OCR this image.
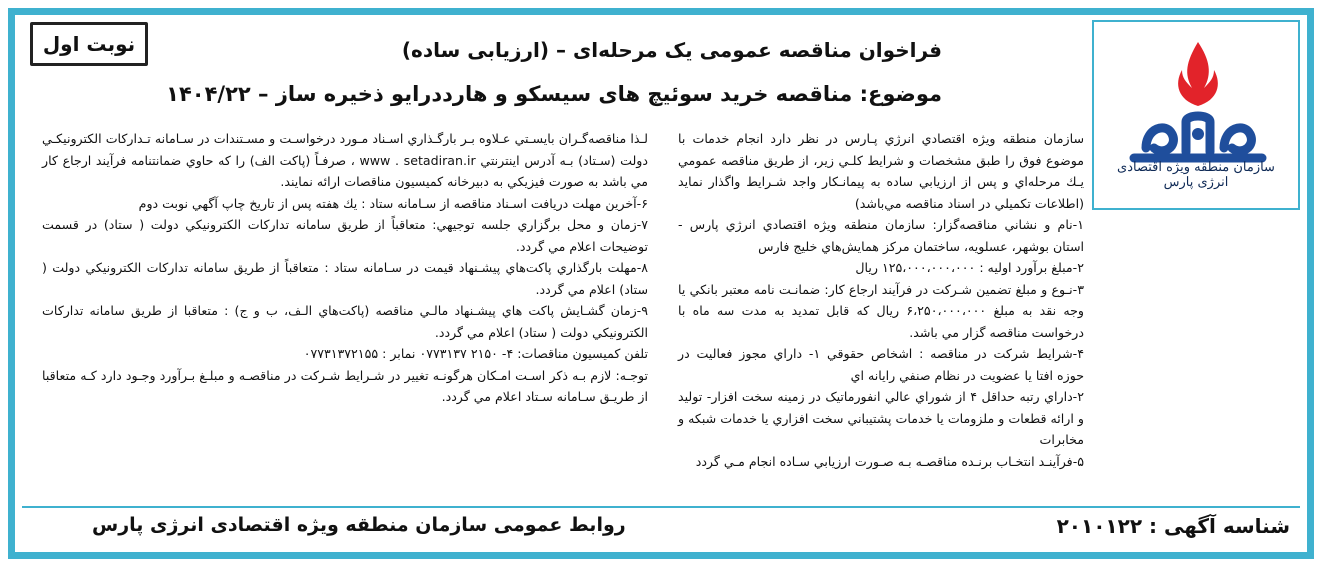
نوبت اول
سازمان منطقه ویژه اقتصادی انرژی پارس
فراخوان مناقصه عمومی یک مرحله‌ای – (ارزیابی ساده)
موضوع: مناقصه خرید سوئیچ های سیسکو و هارددرایو ذخیره ساز – ۱۴۰۴/۲۲

سازمان منطقه ويژه اقتصادي انرژي پـارس در نظر دارد انجام خدمات با موضوع فوق را طبق مشخصات و شرايط كلـي زير، از طريق مناقصه عمومي يـك مرحله‌اي و پس از ارزيابي ساده به پيمانـكار واجد شـرايط واگذار نمايد (اطلاعات تكميلي در اسناد مناقصه مي‌باشد)

۱-نام و نشاني مناقصه‌گزار: سازمان منطقه ويژه اقتصادي انرژي پارس - استان بوشهر، عسلويه، ساختمان مركز همايش‌هاي خليج فارس

۲-مبلغ برآورد اوليه : ۱۲۵،۰۰۰،۰۰۰،۰۰۰ ريال

۳-نـوع و مبلغ تضمين شـركت در فرآيند ارجاع كار: ضمانـت نامه معتبر بانكي يا وجه نقد به مبلغ ۶،۲۵۰،۰۰۰،۰۰۰ ريال كه قابل تمديد به مدت سه ماه با درخواست مناقصه گزار مي باشد.

۴-شرايط شركت در مناقصه : اشخاص حقوقي ۱- داراي مجوز فعاليت در حوزه افتا يا عضويت در نظام صنفي رايانه اي

۲-داراي رتبه حداقل ۴ از شوراي عالي انفورماتيک در زمينه سخت افزار- توليد و ارائه قطعات و ملزومات يا خدمات پشتيباني سخت افزاري يا خدمات شبكه و مخابرات

۵-فرآينـد انتخـاب برنـده مناقصـه بـه صـورت ارزيابي سـاده انجام مـي گردد

لـذا مناقصه‌گـران بايسـتي عـلاوه بـر بارگـذاري اسـناد مـورد درخواسـت و مسـتندات در سـامانه تـداركات الكترونيكـي دولت (سـتاد) بـه آدرس اينترنتي www . setadiran.ir ، صرفـاً (پاكت الف) را كه حاوي ضمانتنامه فرآيند ارجاع كار مي باشد به صورت فيزيكي به دبيرخانه كميسيون مناقصات ارائه نمايند.

۶-آخرين مهلت دريافت اسـناد مناقصه از سـامانه ستاد : يك هفته پس از تاريخ چاپ آگهي نوبت دوم

۷-زمان و محل برگزاري جلسه توجيهي: متعاقباً از طريق سامانه تداركات الكترونيكي دولت ( ستاد) در قسمت توضيحات اعلام مي گردد.

۸-مهلت بارگذاري پاكت‌هاي پيشـنهاد قيمت در سـامانه ستاد : متعاقباً از طريق سامانه تداركات الكترونيكي دولت ( ستاد) اعلام مي گردد.

۹-زمان گشـايش پاكت هاي پيشـنهاد مالـي مناقصه (پاكت‌هاي الـف، ب و ج) : متعاقبا از طريق سامانه تداركات الكترونيكي دولت ( ستاد) اعلام مي گردد.

تلفن كميسيون مناقصات: ۴- ۲۱۵۰ ۰۷۷۳۱۳۷ نمابر : ۰۷۷۳۱۳۷۲۱۵۵

توجـه: لازم بـه ذكر اسـت امـكان هرگونـه تغيير در شـرايط شـركت در مناقصـه و مبلـغ بـرآورد وجـود دارد كـه متعاقبا از طريـق سـامانه سـتاد اعلام مي گردد.

شناسه آگهی : ۲۰۱۰۱۲۲
روابط عمومی سازمان منطقه ویژه اقتصادی انرژی پارس
